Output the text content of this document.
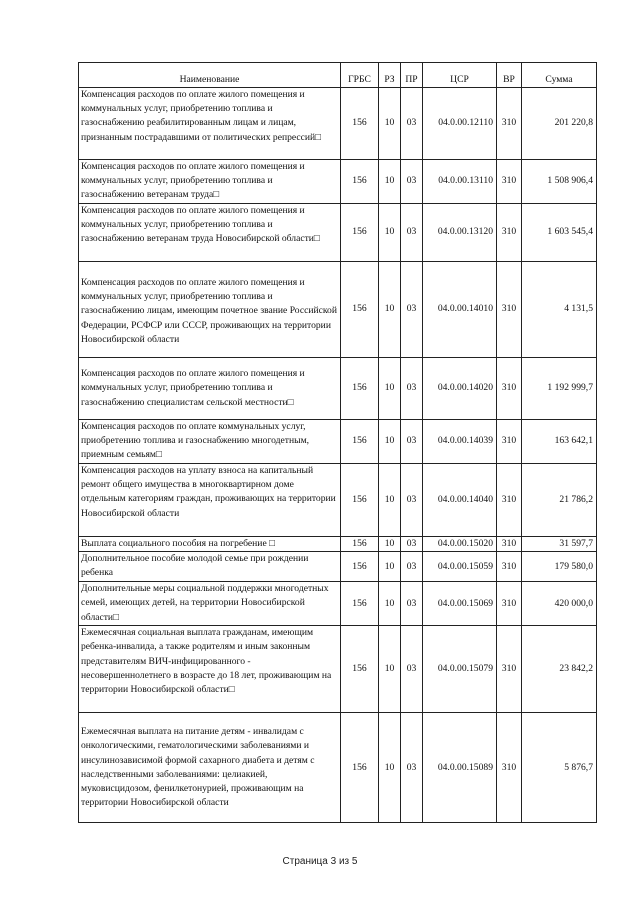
Наименование	ГРБС	РЗ	ПР	ЦСР	ВР	Сумма
Компенсация расходов по оплате жилого помещения и коммунальных услуг, приобретению топлива и газоснабжению реабилитированным лицам и лицам, признанным пострадавшими от политических репрессий□	156	10	03	04.0.00.12110	310	201 220,8
Компенсация расходов по оплате жилого помещения и коммунальных услуг, приобретению топлива и газоснабжению ветеранам труда□	156	10	03	04.0.00.13110	310	1 508 906,4
Компенсация расходов по оплате жилого помещения и коммунальных услуг, приобретению топлива и газоснабжению ветеранам труда Новосибирской области□	156	10	03	04.0.00.13120	310	1 603 545,4
Компенсация расходов по оплате жилого помещения и коммунальных услуг, приобретению топлива и газоснабжению лицам, имеющим почетное звание Российской Федерации, РСФСР или СССР, проживающих на территории Новосибирской области	156	10	03	04.0.00.14010	310	4 131,5
Компенсация расходов по оплате жилого помещения и коммунальных услуг, приобретению топлива и газоснабжению специалистам сельской местности□	156	10	03	04.0.00.14020	310	1 192 999,7
Компенсация расходов по оплате коммунальных услуг, приобретению топлива и газоснабжению многодетным, приемным семьям□	156	10	03	04.0.00.14039	310	163 642,1
Компенсация расходов на уплату взноса на капитальный ремонт общего имущества в многоквартирном доме отдельным категориям граждан, проживающих на территории Новосибирской области	156	10	03	04.0.00.14040	310	21 786,2
Выплата социального пособия на погребение □	156	10	03	04.0.00.15020	310	31 597,7
Дополнительное пособие молодой семье при рождении ребенка	156	10	03	04.0.00.15059	310	179 580,0
Дополнительные меры социальной поддержки многодетных семей, имеющих детей, на территории Новосибирской области□	156	10	03	04.0.00.15069	310	420 000,0
Ежемесячная социальная выплата гражданам, имеющим ребенка-инвалида, а также родителям и иным законным представителям ВИЧ-инфицированного - несовершеннолетнего в возрасте до 18 лет, проживающим на территории Новосибирской области□	156	10	03	04.0.00.15079	310	23 842,2
Ежемесячная выплата на питание детям - инвалидам с онкологическими, гематологическими заболеваниями и инсулинозависимой формой сахарного диабета и детям с наследственными заболеваниями: целиакией, муковисцидозом, фенилкетонурией, проживающим на территории Новосибирской области	156	10	03	04.0.00.15089	310	5 876,7
Страница 3 из 5
